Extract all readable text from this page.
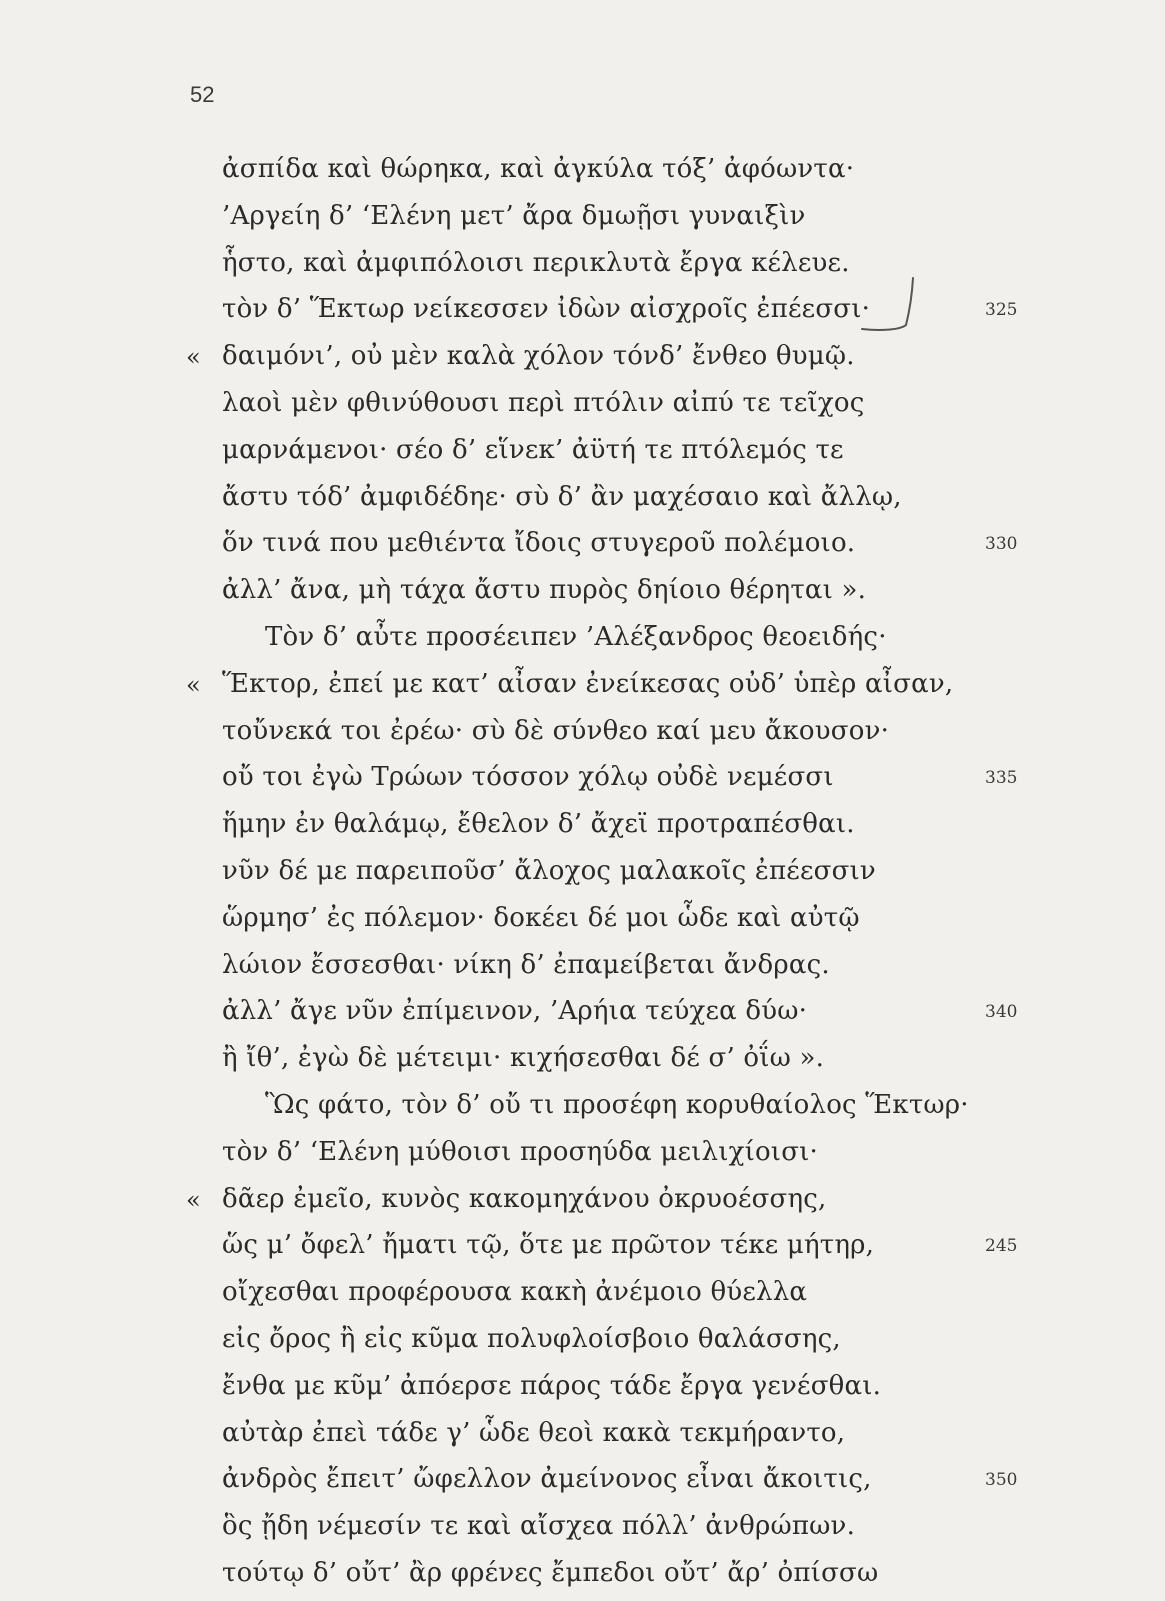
52
ἀσπίδα καὶ θώρηκα, καὶ ἀγκύλα τόξ’ ἀφόωντα·
’Αργείη δ’ ‘Ελένη μετ’ ἄρα δμωῇσι γυναιξὶν
ἧστο, καὶ ἀμφιπόλοισι περικλυτὰ ἔργα κέλευε.
τὸν δ’ Ἕκτωρ νείκεσσεν ἰδὼν αἰσχροῖς ἐπέεσσι·	325
« δαιμόνι’, οὐ μὲν καλὰ χόλον τόνδ’ ἔνθεο θυμῷ.
λαοὶ μὲν φθινύθουσι περὶ πτόλιν αἰπύ τε τεῖχος
μαρνάμενοι· σέο δ’ εἵνεκ’ ἀϋτή τε πτόλεμός τε
ἄστυ τόδ’ ἀμφιδέδηε· σὺ δ’ ἂν μαχέσαιο καὶ ἄλλῳ,
ὅν τινά που μεθιέντα ἴδοις στυγεροῦ πολέμοιο.	330
ἀλλ’ ἄνα, μὴ τάχα ἄστυ πυρὸς δηίοιο θέρηται ».
Τὸν δ’ αὖτε προσέειπεν ’Αλέξανδρος θεοειδής·
« Ἕκτορ, ἐπεί με κατ’ αἶσαν ἐνείκεσας οὐδ’ ὑπὲρ αἶσαν,
τοὔνεκά τοι ἐρέω· σὺ δὲ σύνθεο καί μευ ἄκουσον·
οὔ τοι ἐγὼ Τρώων τόσσον χόλῳ οὐδὲ νεμέσσι	335
ἥμην ἐν θαλάμῳ, ἔθελον δ’ ἄχεϊ προτραπέσθαι.
νῦν δέ με παρειποῦσ’ ἄλοχος μαλακοῖς ἐπέεσσιν
ὥρμησ’ ἐς πόλεμον· δοκέει δέ μοι ὧδε καὶ αὐτῷ
λώιον ἔσσεσθαι· νίκη δ’ ἐπαμείβεται ἄνδρας.
ἀλλ’ ἄγε νῦν ἐπίμεινον, ’Αρήια τεύχεα δύω·	340
ἢ ἴθ’, ἐγὼ δὲ μέτειμι· κιχήσεσθαι δέ σ’ ὀΐω ».
Ὣς φάτο, τὸν δ’ οὔ τι προσέφη κορυθαίολος Ἕκτωρ·
τὸν δ’ ‘Ελένη μύθοισι προσηύδα μειλιχίοισι·
« δᾶερ ἐμεῖο, κυνὸς κακομηχάνου ὀκρυοέσσης,
ὥς μ’ ὄφελ’ ἤματι τῷ, ὅτε με πρῶτον τέκε μήτηρ,	245
οἴχεσθαι προφέρουσα κακὴ ἀνέμοιο θύελλα
εἰς ὄρος ἢ εἰς κῦμα πολυφλοίσβοιο θαλάσσης,
ἔνθα με κῦμ’ ἀπόερσε πάρος τάδε ἔργα γενέσθαι.
αὐτὰρ ἐπεὶ τάδε γ’ ὧδε θεοὶ κακὰ τεκμήραντο,
ἀνδρὸς ἔπειτ’ ὤφελλον ἀμείνονος εἶναι ἄκοιτις,	350
ὃς ᾔδη νέμεσίν τε καὶ αἴσχεα πόλλ’ ἀνθρώπων.
τούτῳ δ’ οὔτ’ ἂρ φρένες ἔμπεδοι οὔτ’ ἄρ’ ὀπίσσω
